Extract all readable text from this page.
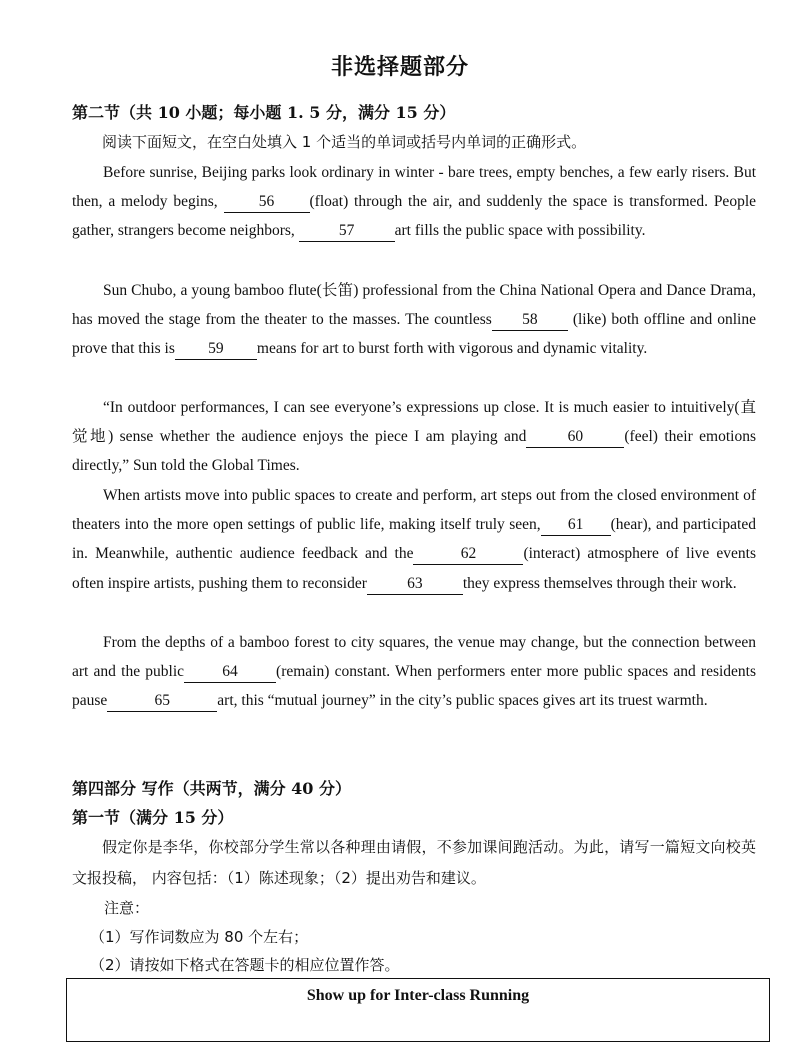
非选择题部分
第二节（共 10 小题；每小题 1. 5 分，满分 15 分）
阅读下面短文，在空白处填入 1 个适当的单词或括号内单词的正确形式。
Before sunrise, Beijing parks look ordinary in winter - bare trees, empty benches, a few early risers. But then, a melody begins, 56 (float) through the air, and suddenly the space is transformed. People gather, strangers become neighbors,	57	art fills the public space with possibility.
Sun Chubo, a young bamboo flute(长笛) professional from the China National Opera and Dance Drama, has moved the stage from the theater to the masses. The countless 58 (like) both offline and online prove that this is 59 means for art to burst forth with vigorous and dynamic vitality.
“In outdoor performances, I can see everyone’s expressions up close. It is much easier to intuitively(直觉地) sense whether the audience enjoys the piece I am playing and	60	(feel) their emotions directly,” Sun told the Global Times.
When artists move into public spaces to create and perform, art steps out from the closed environment of theaters into the more open settings of public life, making itself truly seen, 61 (hear), and participated in. Meanwhile, authentic audience feedback and the	62	(interact) atmosphere of live events often inspire artists, pushing them to reconsider	63	they express themselves through their work.
From the depths of a bamboo forest to city squares, the venue may change, but the connection between art and the public 64 (remain) constant. When performers enter more public spaces and residents pause	65	art, this “mutual journey” in the city’s public spaces gives art its truest warmth.
第四部分 写作（共两节，满分 40 分）
第一节（满分 15 分）
假定你是李华，你校部分学生常以各种理由请假，不参加课间跑活动。为此，请写一篇短文向校英文报投稿， 内容包括：（1）陈述现象；（2）提出劝告和建议。
注意：
（1）写作词数应为 80 个左右；
（2）请按如下格式在答题卡的相应位置作答。
Show up for Inter-class Running
